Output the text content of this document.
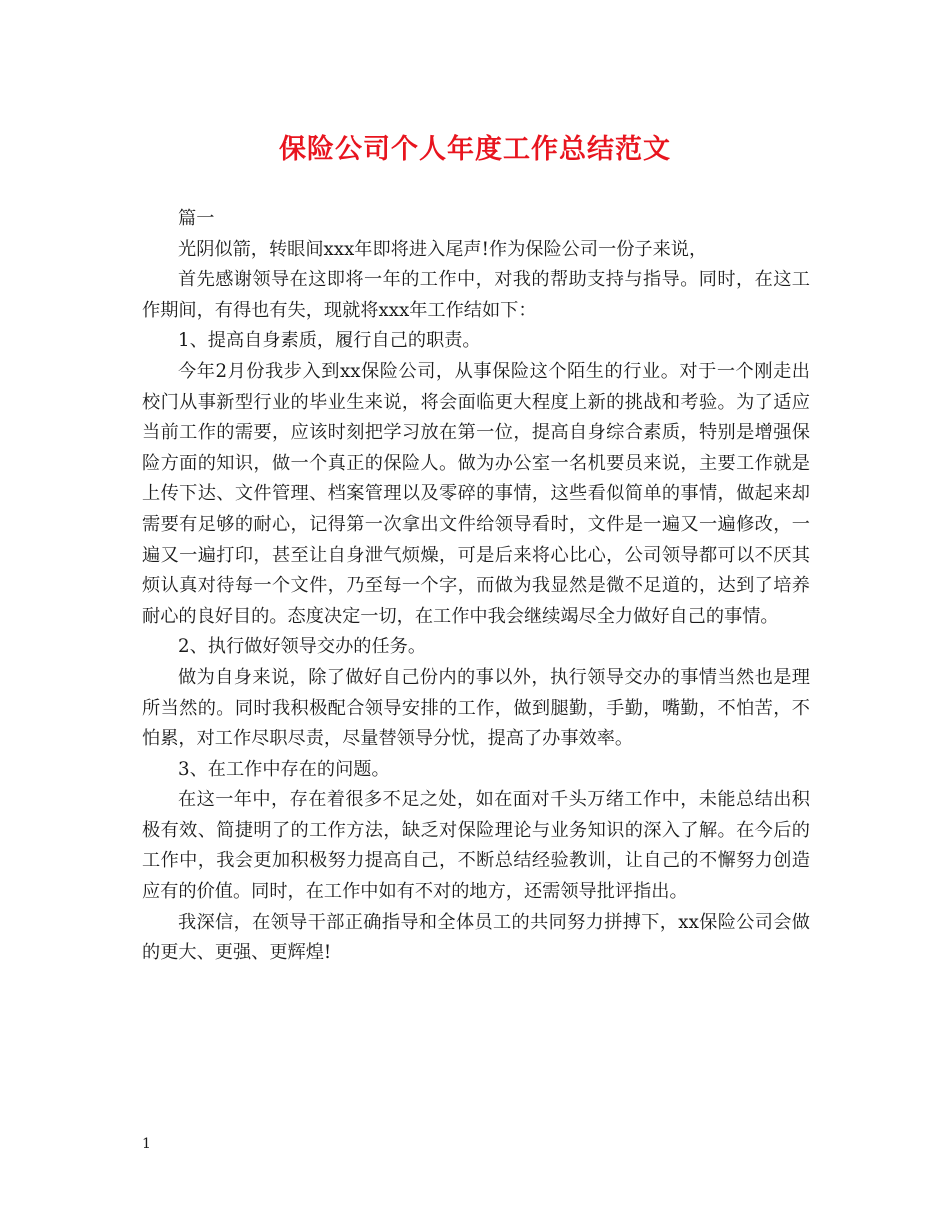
保险公司个人年度工作总结范文

篇一

光阴似箭，转眼间xxx年即将进入尾声!作为保险公司一份子来说，

首先感谢领导在这即将一年的工作中，对我的帮助支持与指导。同时，在这工作期间，有得也有失，现就将xxx年工作结如下：

1、提高自身素质，履行自己的职责。

今年2月份我步入到xx保险公司，从事保险这个陌生的行业。对于一个刚走出校门从事新型行业的毕业生来说，将会面临更大程度上新的挑战和考验。为了适应当前工作的需要，应该时刻把学习放在第一位，提高自身综合素质，特别是增强保险方面的知识，做一个真正的保险人。做为办公室一名机要员来说，主要工作就是上传下达、文件管理、档案管理以及零碎的事情，这些看似简单的事情，做起来却需要有足够的耐心，记得第一次拿出文件给领导看时，文件是一遍又一遍修改，一遍又一遍打印，甚至让自身泄气烦燥，可是后来将心比心，公司领导都可以不厌其烦认真对待每一个文件，乃至每一个字，而做为我显然是微不足道的，达到了培养耐心的良好目的。态度决定一切，在工作中我会继续竭尽全力做好自己的事情。

2、执行做好领导交办的任务。

做为自身来说，除了做好自己份内的事以外，执行领导交办的事情当然也是理所当然的。同时我积极配合领导安排的工作，做到腿勤，手勤，嘴勤，不怕苦，不怕累，对工作尽职尽责，尽量替领导分忧，提高了办事效率。

3、在工作中存在的问题。

在这一年中，存在着很多不足之处，如在面对千头万绪工作中，未能总结出积极有效、简捷明了的工作方法，缺乏对保险理论与业务知识的深入了解。在今后的工作中，我会更加积极努力提高自己，不断总结经验教训，让自己的不懈努力创造应有的价值。同时，在工作中如有不对的地方，还需领导批评指出。

我深信，在领导干部正确指导和全体员工的共同努力拼搏下，xx保险公司会做的更大、更强、更辉煌!

1
